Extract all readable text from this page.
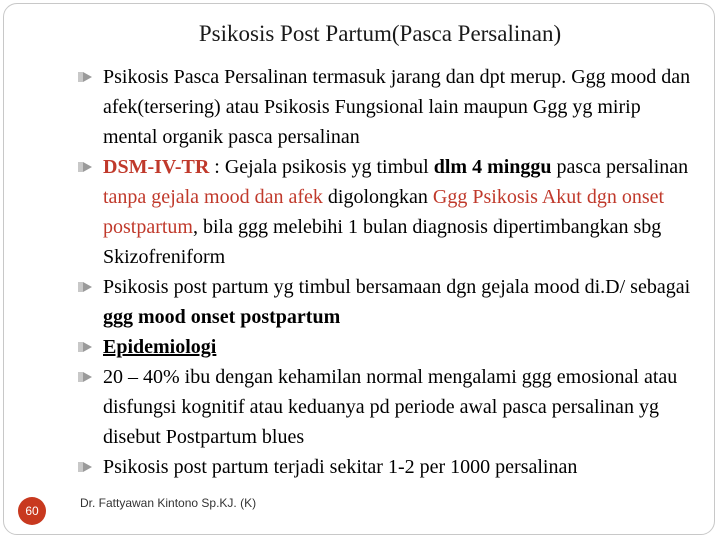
Psikosis Post Partum(Pasca Persalinan)

Psikosis Pasca Persalinan termasuk jarang dan dpt merup. Ggg mood dan afek(tersering) atau Psikosis Fungsional lain maupun Ggg yg mirip mental organik pasca persalinan

DSM-IV-TR : Gejala psikosis yg timbul dlm 4 minggu pasca persalinan tanpa gejala mood dan afek digolongkan Ggg Psikosis Akut dgn onset postpartum, bila ggg melebihi 1 bulan diagnosis dipertimbangkan sbg Skizofreniform

Psikosis post partum yg timbul bersamaan dgn gejala mood di.D/ sebagai ggg mood onset postpartum

Epidemiologi

20 – 40% ibu dengan kehamilan normal mengalami ggg emosional atau disfungsi kognitif atau keduanya pd periode awal pasca persalinan yg disebut Postpartum blues

Psikosis post partum terjadi sekitar 1-2 per 1000 persalinan

60
Dr. Fattyawan Kintono Sp.KJ. (K)
